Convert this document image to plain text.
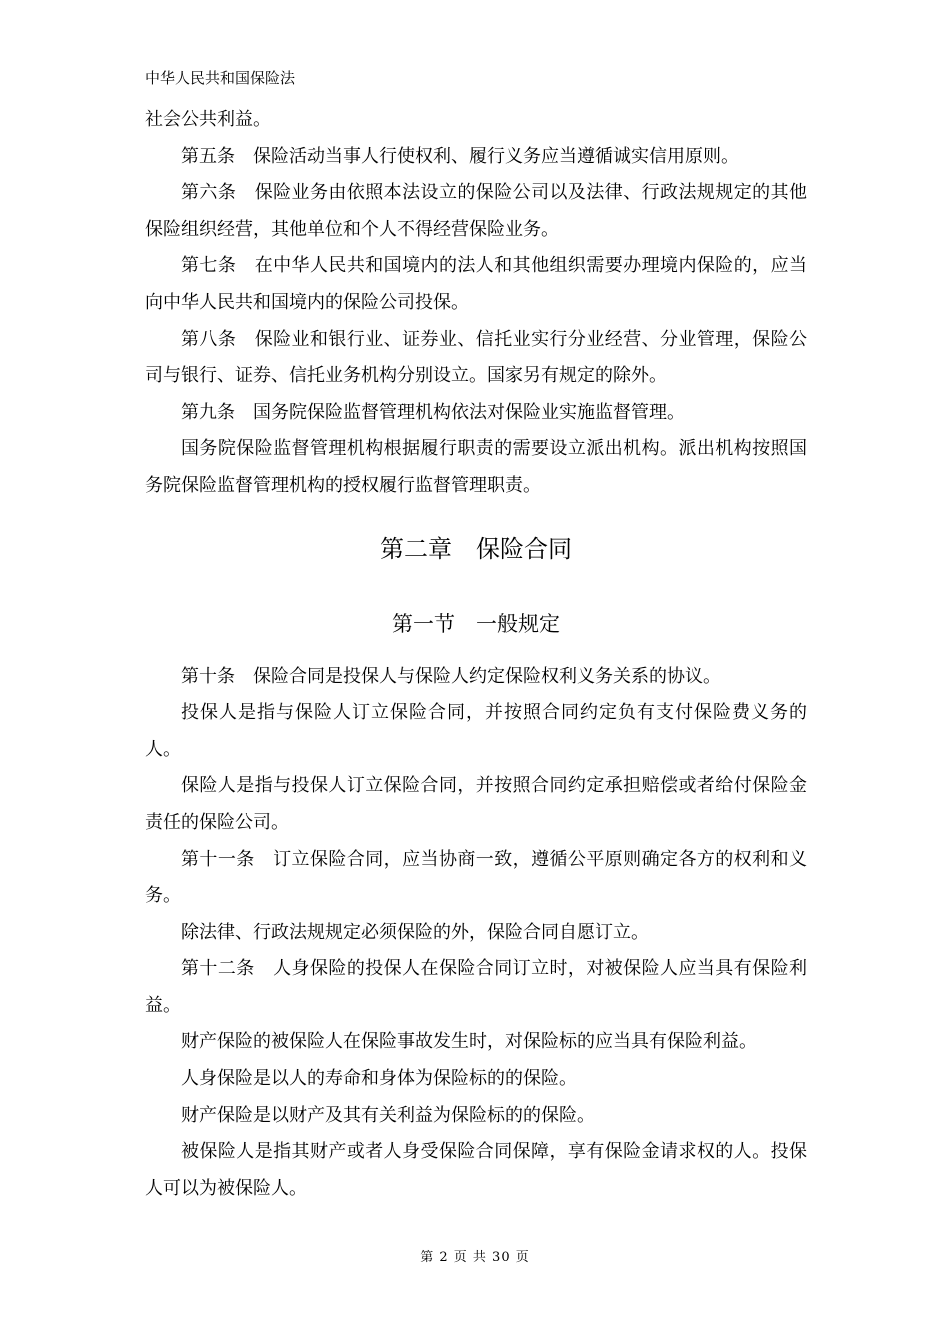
中华人民共和国保险法

社会公共利益。

第五条 保险活动当事人行使权利、履行义务应当遵循诚实信用原则。

第六条 保险业务由依照本法设立的保险公司以及法律、行政法规规定的其他保险组织经营，其他单位和个人不得经营保险业务。

第七条 在中华人民共和国境内的法人和其他组织需要办理境内保险的，应当向中华人民共和国境内的保险公司投保。

第八条 保险业和银行业、证券业、信托业实行分业经营、分业管理，保险公司与银行、证券、信托业务机构分别设立。国家另有规定的除外。

第九条 国务院保险监督管理机构依法对保险业实施监督管理。

国务院保险监督管理机构根据履行职责的需要设立派出机构。派出机构按照国务院保险监督管理机构的授权履行监督管理职责。

第二章　保险合同

第一节　一般规定

第十条 保险合同是投保人与保险人约定保险权利义务关系的协议。

投保人是指与保险人订立保险合同，并按照合同约定负有支付保险费义务的人。

保险人是指与投保人订立保险合同，并按照合同约定承担赔偿或者给付保险金责任的保险公司。

第十一条 订立保险合同，应当协商一致，遵循公平原则确定各方的权利和义务。

除法律、行政法规规定必须保险的外，保险合同自愿订立。

第十二条 人身保险的投保人在保险合同订立时，对被保险人应当具有保险利益。

财产保险的被保险人在保险事故发生时，对保险标的应当具有保险利益。

人身保险是以人的寿命和身体为保险标的的保险。

财产保险是以财产及其有关利益为保险标的的保险。

被保险人是指其财产或者人身受保险合同保障，享有保险金请求权的人。投保人可以为被保险人。

第 2 页 共 30 页
